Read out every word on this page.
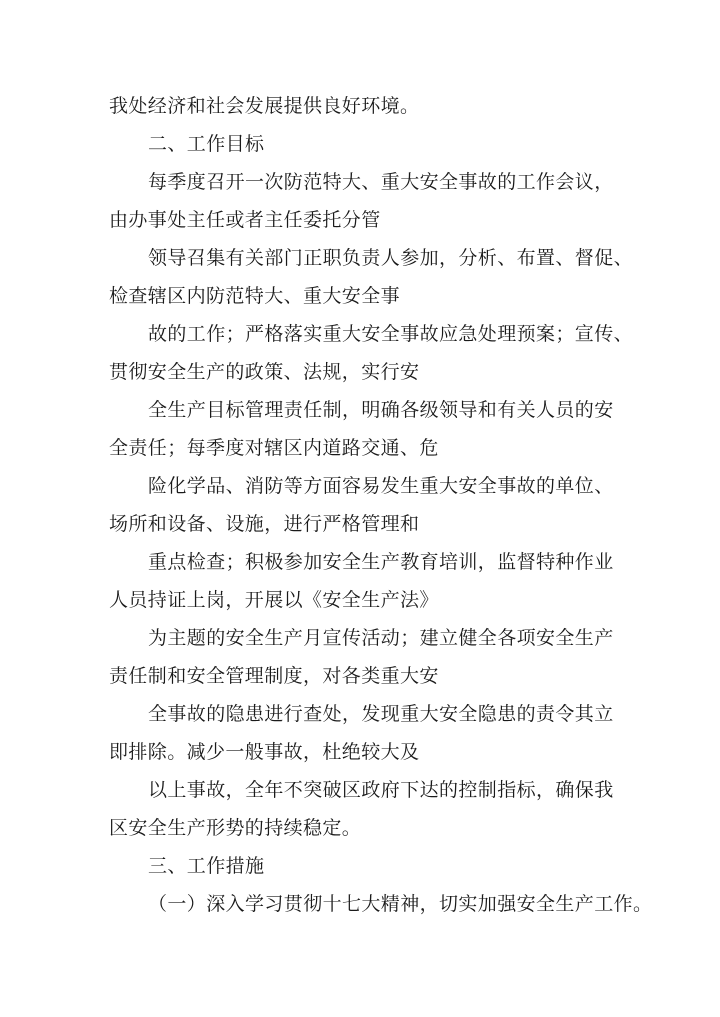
我处经济和社会发展提供良好环境。
二、工作目标
每季度召开一次防范特大、重大安全事故的工作会议，
由办事处主任或者主任委托分管
领导召集有关部门正职负责人参加，分析、布置、督促、
检查辖区内防范特大、重大安全事
故的工作；严格落实重大安全事故应急处理预案；宣传、
贯彻安全生产的政策、法规，实行安
全生产目标管理责任制，明确各级领导和有关人员的安
全责任；每季度对辖区内道路交通、危
险化学品、消防等方面容易发生重大安全事故的单位、
场所和设备、设施，进行严格管理和
重点检查；积极参加安全生产教育培训，监督特种作业
人员持证上岗，开展以《安全生产法》
为主题的安全生产月宣传活动；建立健全各项安全生产
责任制和安全管理制度，对各类重大安
全事故的隐患进行查处，发现重大安全隐患的责令其立
即排除。减少一般事故，杜绝较大及
以上事故，全年不突破区政府下达的控制指标，确保我
区安全生产形势的持续稳定。
三、工作措施
（一）深入学习贯彻十七大精神，切实加强安全生产工作。
